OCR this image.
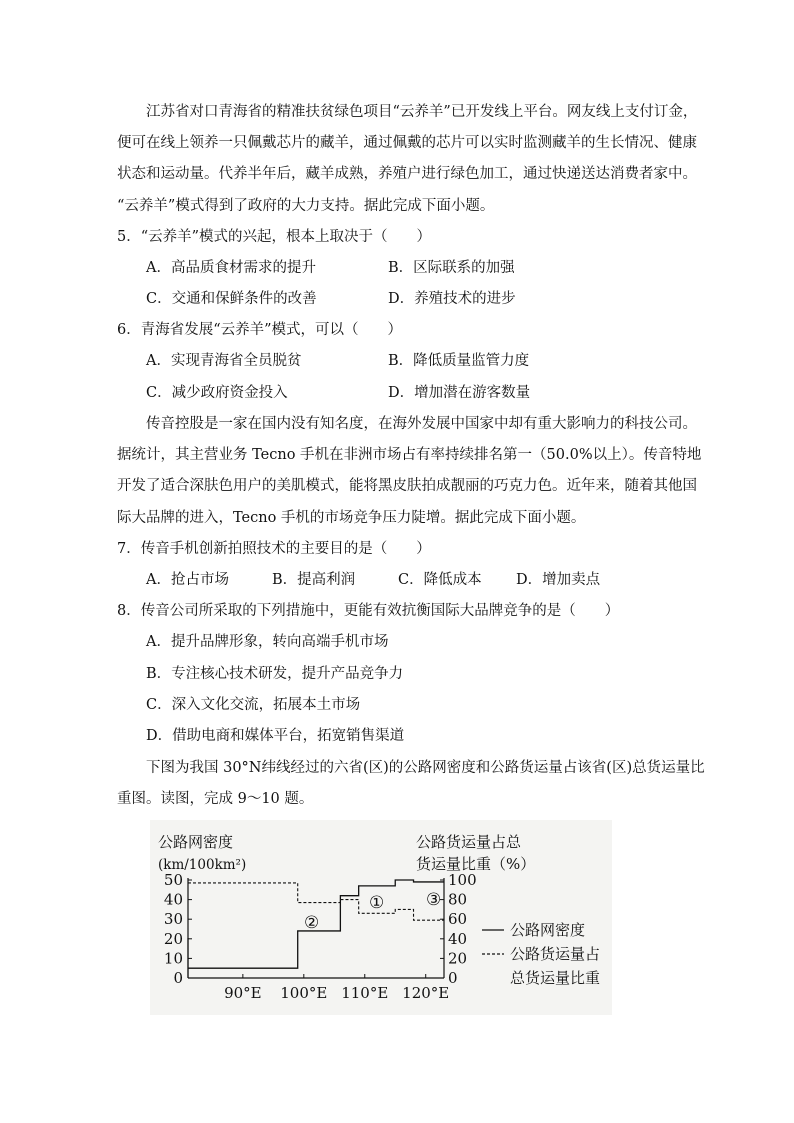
江苏省对口青海省的精准扶贫绿色项目“云养羊”已开发线上平台。网友线上支付订金，
便可在线上领养一只佩戴芯片的藏羊，通过佩戴的芯片可以实时监测藏羊的生长情况、健康
状态和运动量。代养半年后，藏羊成熟，养殖户进行绿色加工，通过快递送达消费者家中。
“云养羊”模式得到了政府的大力支持。据此完成下面小题。
5．“云养羊”模式的兴起，根本上取决于（　　）
A．高品质食材需求的提升	B．区际联系的加强
C．交通和保鲜条件的改善	D．养殖技术的进步
6．青海省发展“云养羊”模式，可以（　　）
A．实现青海省全员脱贫	B．降低质量监管力度
C．减少政府资金投入	D．增加潜在游客数量
传音控股是一家在国内没有知名度，在海外发展中国家中却有重大影响力的科技公司。
据统计，其主营业务 Tecno 手机在非洲市场占有率持续排名第一（50.0%以上）。传音特地
开发了适合深肤色用户的美肌模式，能将黑皮肤拍成靓丽的巧克力色。近年来，随着其他国
际大品牌的进入，Tecno 手机的市场竞争压力陡增。据此完成下面小题。
7．传音手机创新拍照技术的主要目的是（　　）
A．抢占市场	B．提高利润	C．降低成本 D．增加卖点
8．传音公司所采取的下列措施中，更能有效抗衡国际大品牌竞争的是（　　）
A．提升品牌形象，转向高端手机市场
B．专注核心技术研发，提升产品竞争力
C．深入文化交流，拓展本土市场
D．借助电商和媒体平台，拓宽销售渠道
下图为我国 30°N纬线经过的六省(区)的公路网密度和公路货运量占该省(区)总货运量比
重图。读图，完成 9～10 题。
公路网密度
(km/100km²)
公路货运量占总
货运量比重（%）
50
40
30
20
10
0
100
80
60
40
20
0
90°E 100°E 110°E 120°E
①
②
③
公路网密度
公路货运量占
总货运量比重
